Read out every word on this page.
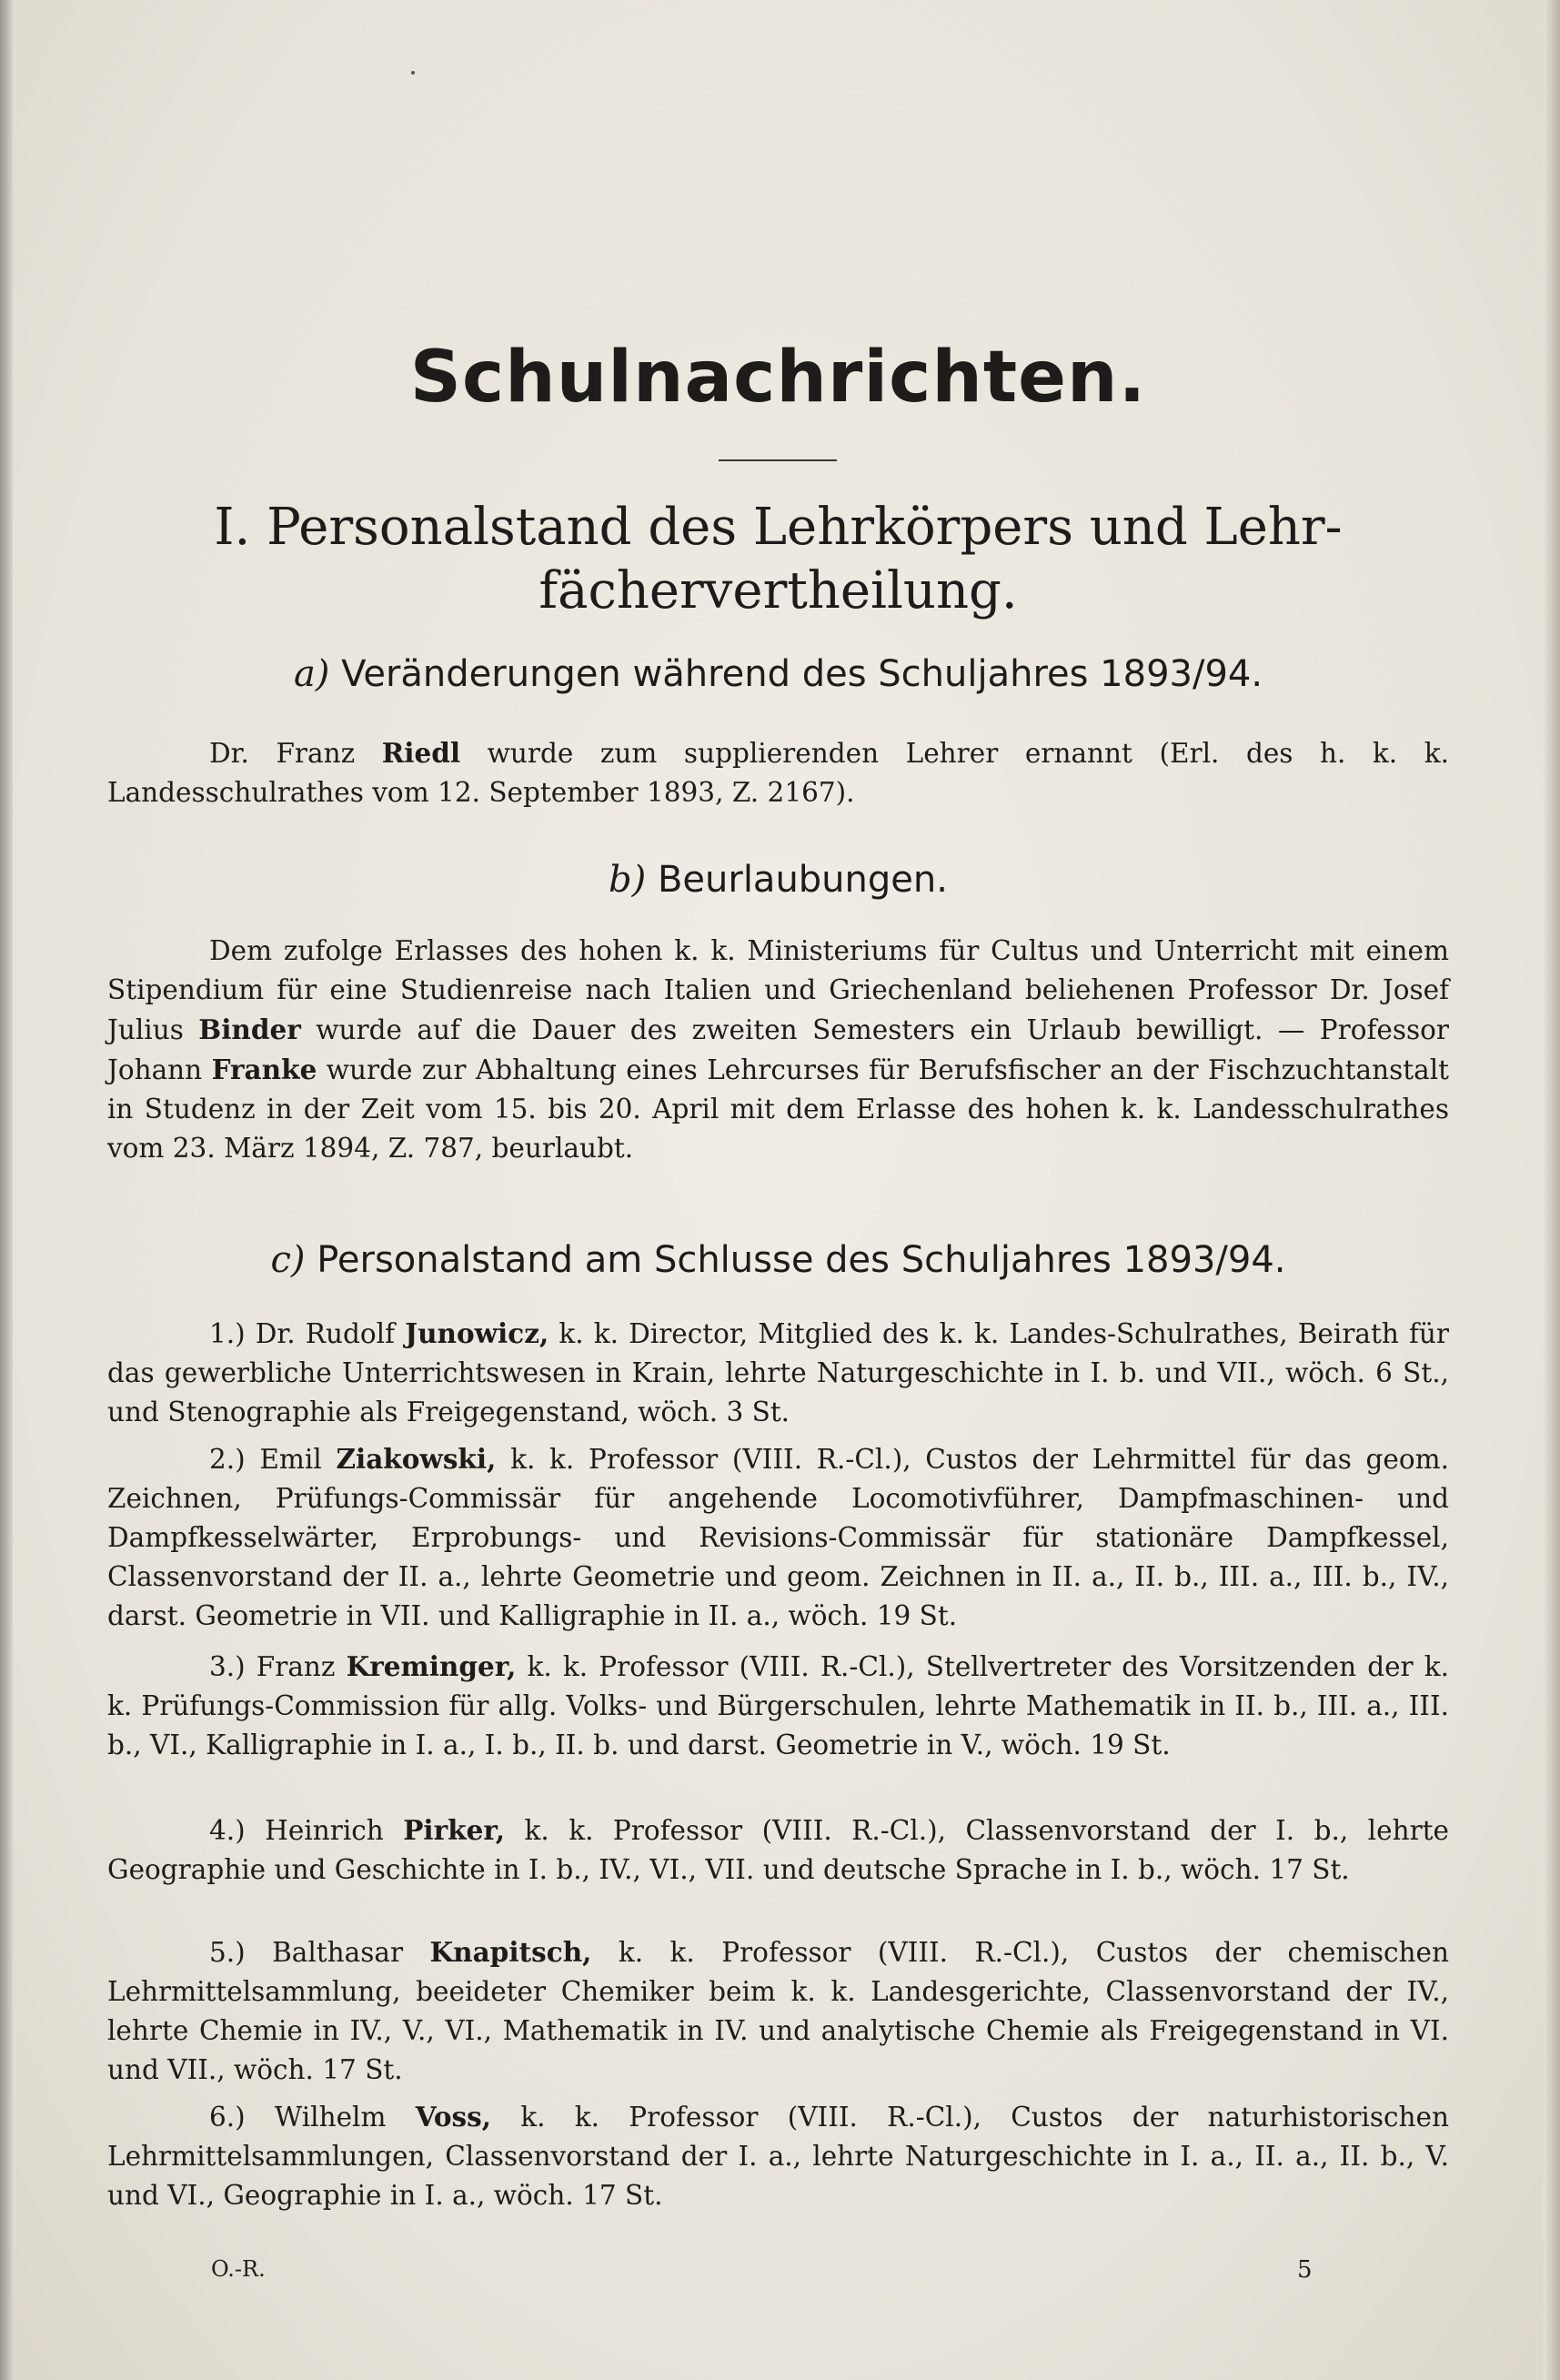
Schulnachrichten.
I. Personalstand des Lehrkörpers und Lehr-
fächervertheilung.
a) Veränderungen während des Schuljahres 1893/94.

Dr. Franz Riedl wurde zum supplierenden Lehrer ernannt (Erl. des h. k. k. Landesschulrathes vom 12. September 1893, Z. 2167).

b) Beurlaubungen.

Dem zufolge Erlasses des hohen k. k. Ministeriums für Cultus und Unterricht mit einem Stipendium für eine Studienreise nach Italien und Griechenland beliehenen Professor Dr. Josef Julius Binder wurde auf die Dauer des zweiten Semesters ein Urlaub bewilligt. — Professor Johann Franke wurde zur Abhaltung eines Lehrcurses für Berufsfischer an der Fischzuchtanstalt in Studenz in der Zeit vom 15. bis 20. April mit dem Erlasse des hohen k. k. Landesschulrathes vom 23. März 1894, Z. 787, beurlaubt.

c) Personalstand am Schlusse des Schuljahres 1893/94.

1.) Dr. Rudolf Junowicz, k. k. Director, Mitglied des k. k. Landes-Schulrathes, Beirath für das gewerbliche Unterrichtswesen in Krain, lehrte Naturgeschichte in I. b. und VII., wöch. 6 St., und Stenographie als Freigegenstand, wöch. 3 St.

2.) Emil Ziakowski, k. k. Professor (VIII. R.-Cl.), Custos der Lehrmittel für das geom. Zeichnen, Prüfungs-Commissär für angehende Locomotivführer, Dampfmaschinen- und Dampfkesselwärter, Erprobungs- und Revisions-Commissär für stationäre Dampfkessel, Classenvorstand der II. a., lehrte Geometrie und geom. Zeichnen in II. a., II. b., III. a., III. b., IV., darst. Geometrie in VII. und Kalligraphie in II. a., wöch. 19 St.

3.) Franz Kreminger, k. k. Professor (VIII. R.-Cl.), Stellvertreter des Vorsitzenden der k. k. Prüfungs-Commission für allg. Volks- und Bürgerschulen, lehrte Mathematik in II. b., III. a., III. b., VI., Kalligraphie in I. a., I. b., II. b. und darst. Geometrie in V., wöch. 19 St.

4.) Heinrich Pirker, k. k. Professor (VIII. R.-Cl.), Classenvorstand der I. b., lehrte Geographie und Geschichte in I. b., IV., VI., VII. und deutsche Sprache in I. b., wöch. 17 St.

5.) Balthasar Knapitsch, k. k. Professor (VIII. R.-Cl.), Custos der chemischen Lehrmittelsammlung, beeideter Chemiker beim k. k. Landesgerichte, Classenvorstand der IV., lehrte Chemie in IV., V., VI., Mathematik in IV. und analytische Chemie als Freigegenstand in VI. und VII., wöch. 17 St.

6.) Wilhelm Voss, k. k. Professor (VIII. R.-Cl.), Custos der naturhistorischen Lehrmittelsammlungen, Classenvorstand der I. a., lehrte Naturgeschichte in I. a., II. a., II. b., V. und VI., Geographie in I. a., wöch. 17 St.

O.-R.	5
